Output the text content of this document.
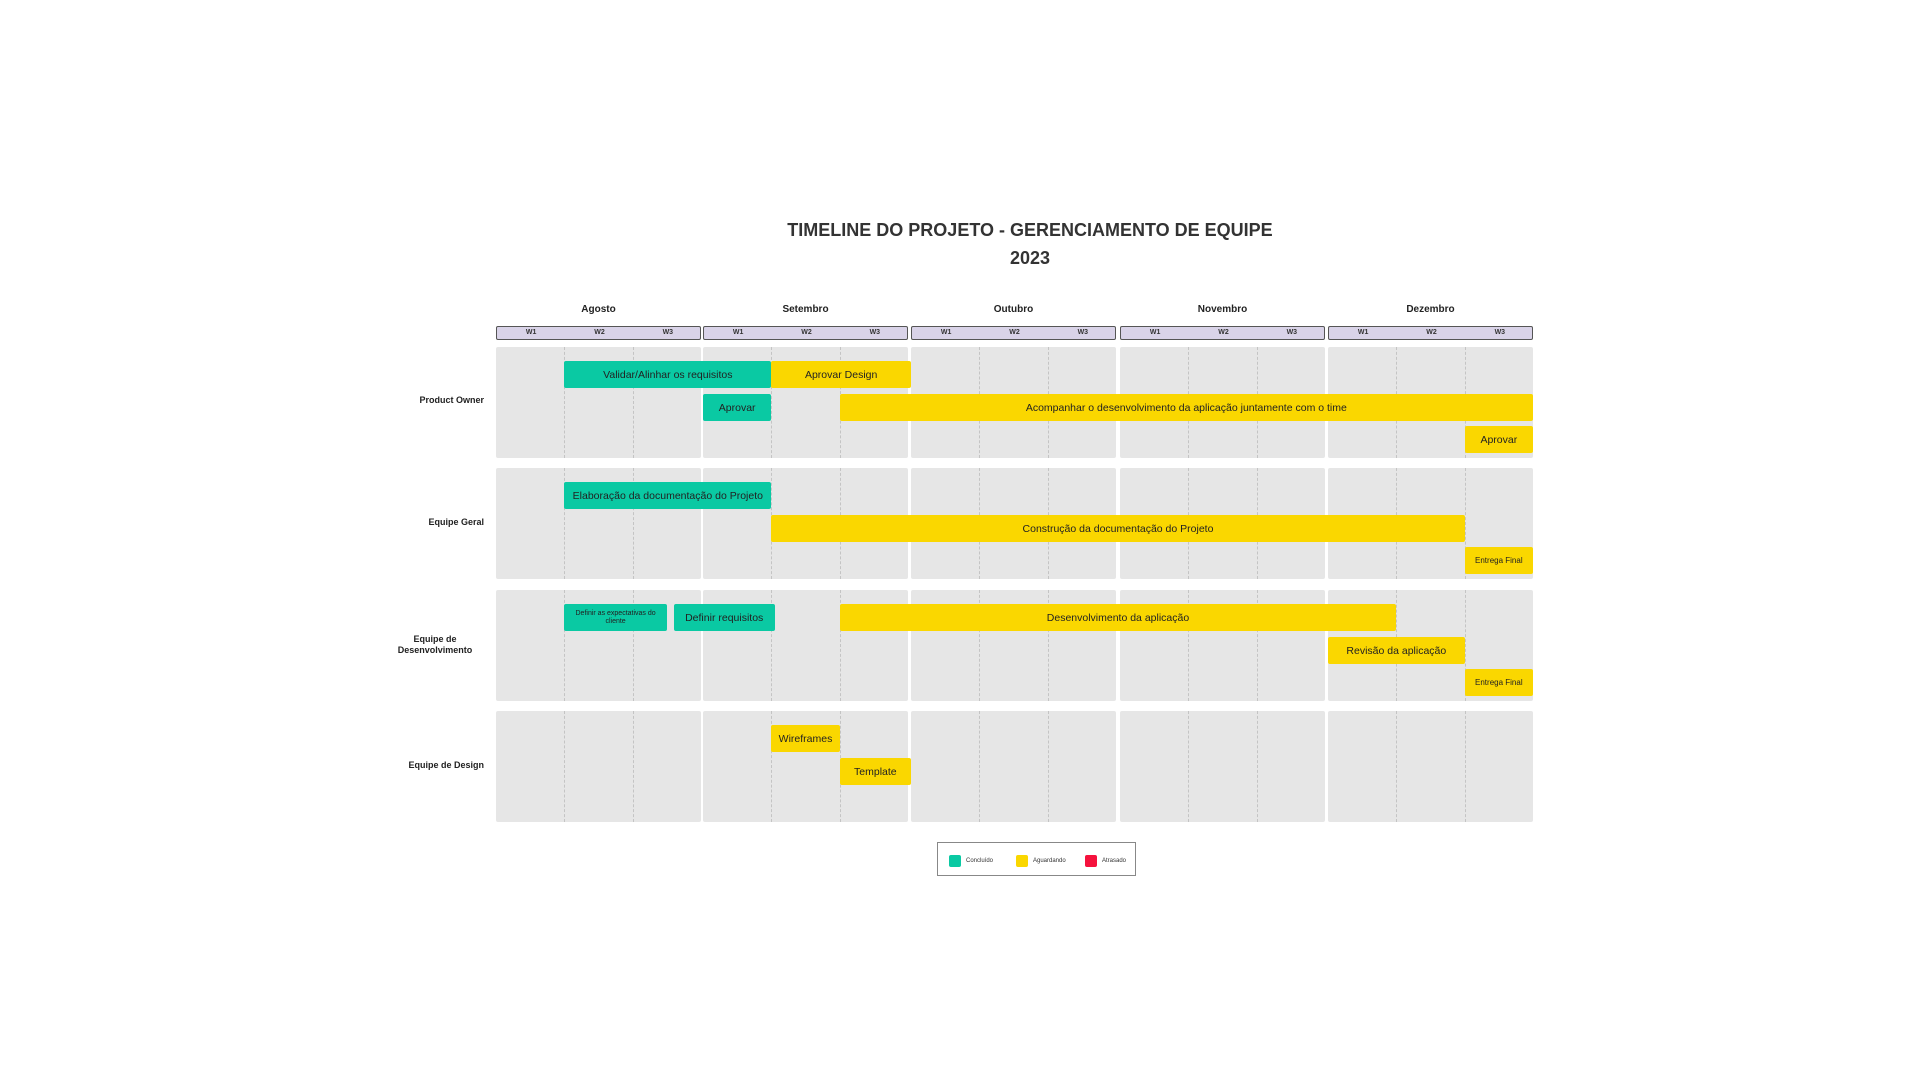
TIMELINE DO PROJETO - GERENCIAMENTO DE EQUIPE
2023
Agosto
W1	W2	W3
Setembro
W1	W2	W3
Outubro
W1	W2	W3
Novembro
W1	W2	W3
Dezembro
W1	W2	W3
Product Owner
Equipe Geral
Equipe de Desenvolvimento
Equipe de Design
Validar/Alinhar os requisitos	Aprovar Design
Aprovar	Acompanhar o desenvolvimento da aplicação juntamente com o time
Aprovar
Elaboração da documentação do Projeto
Construção da documentação do Projeto
Entrega Final
Definir as expectativas do cliente	Definir requisitos	Desenvolvimento da aplicação
Revisão da aplicação
Entrega Final
Wireframes
Template
Concluído	Aguardando	Atrasado
